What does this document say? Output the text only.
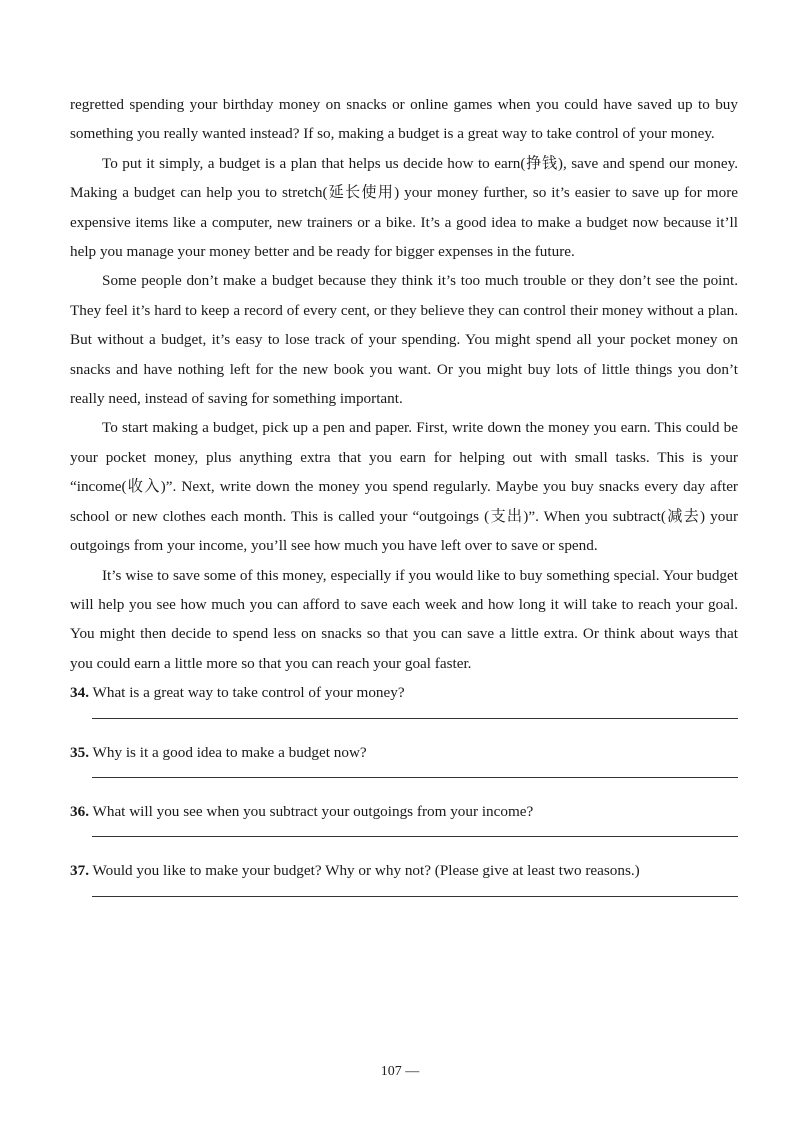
regretted spending your birthday money on snacks or online games when you could have saved up to buy something you really wanted instead? If so, making a budget is a great way to take control of your money.

To put it simply, a budget is a plan that helps us decide how to earn(挣钱), save and spend our money. Making a budget can help you to stretch(延长使用) your money further, so it’s easier to save up for more expensive items like a computer, new trainers or a bike. It’s a good idea to make a budget now because it’ll help you manage your money better and be ready for bigger expenses in the future.

Some people don’t make a budget because they think it’s too much trouble or they don’t see the point. They feel it’s hard to keep a record of every cent, or they believe they can control their money without a plan. But without a budget, it’s easy to lose track of your spending. You might spend all your pocket money on snacks and have nothing left for the new book you want. Or you might buy lots of little things you don’t really need, instead of saving for something important.

To start making a budget, pick up a pen and paper. First, write down the money you earn. This could be your pocket money, plus anything extra that you earn for helping out with small tasks. This is your “income(收入)”. Next, write down the money you spend regularly. Maybe you buy snacks every day after school or new clothes each month. This is called your “outgoings (支出)”. When you subtract(减去) your outgoings from your income, you’ll see how much you have left over to save or spend.

It’s wise to save some of this money, especially if you would like to buy something special. Your budget will help you see how much you can afford to save each week and how long it will take to reach your goal. You might then decide to spend less on snacks so that you can save a little extra. Or think about ways that you could earn a little more so that you can reach your goal faster.

34. What is a great way to take control of your money?

35. Why is it a good idea to make a budget now?

36. What will you see when you subtract your outgoings from your income?

37. Would you like to make your budget? Why or why not? (Please give at least two reasons.)

107 —
